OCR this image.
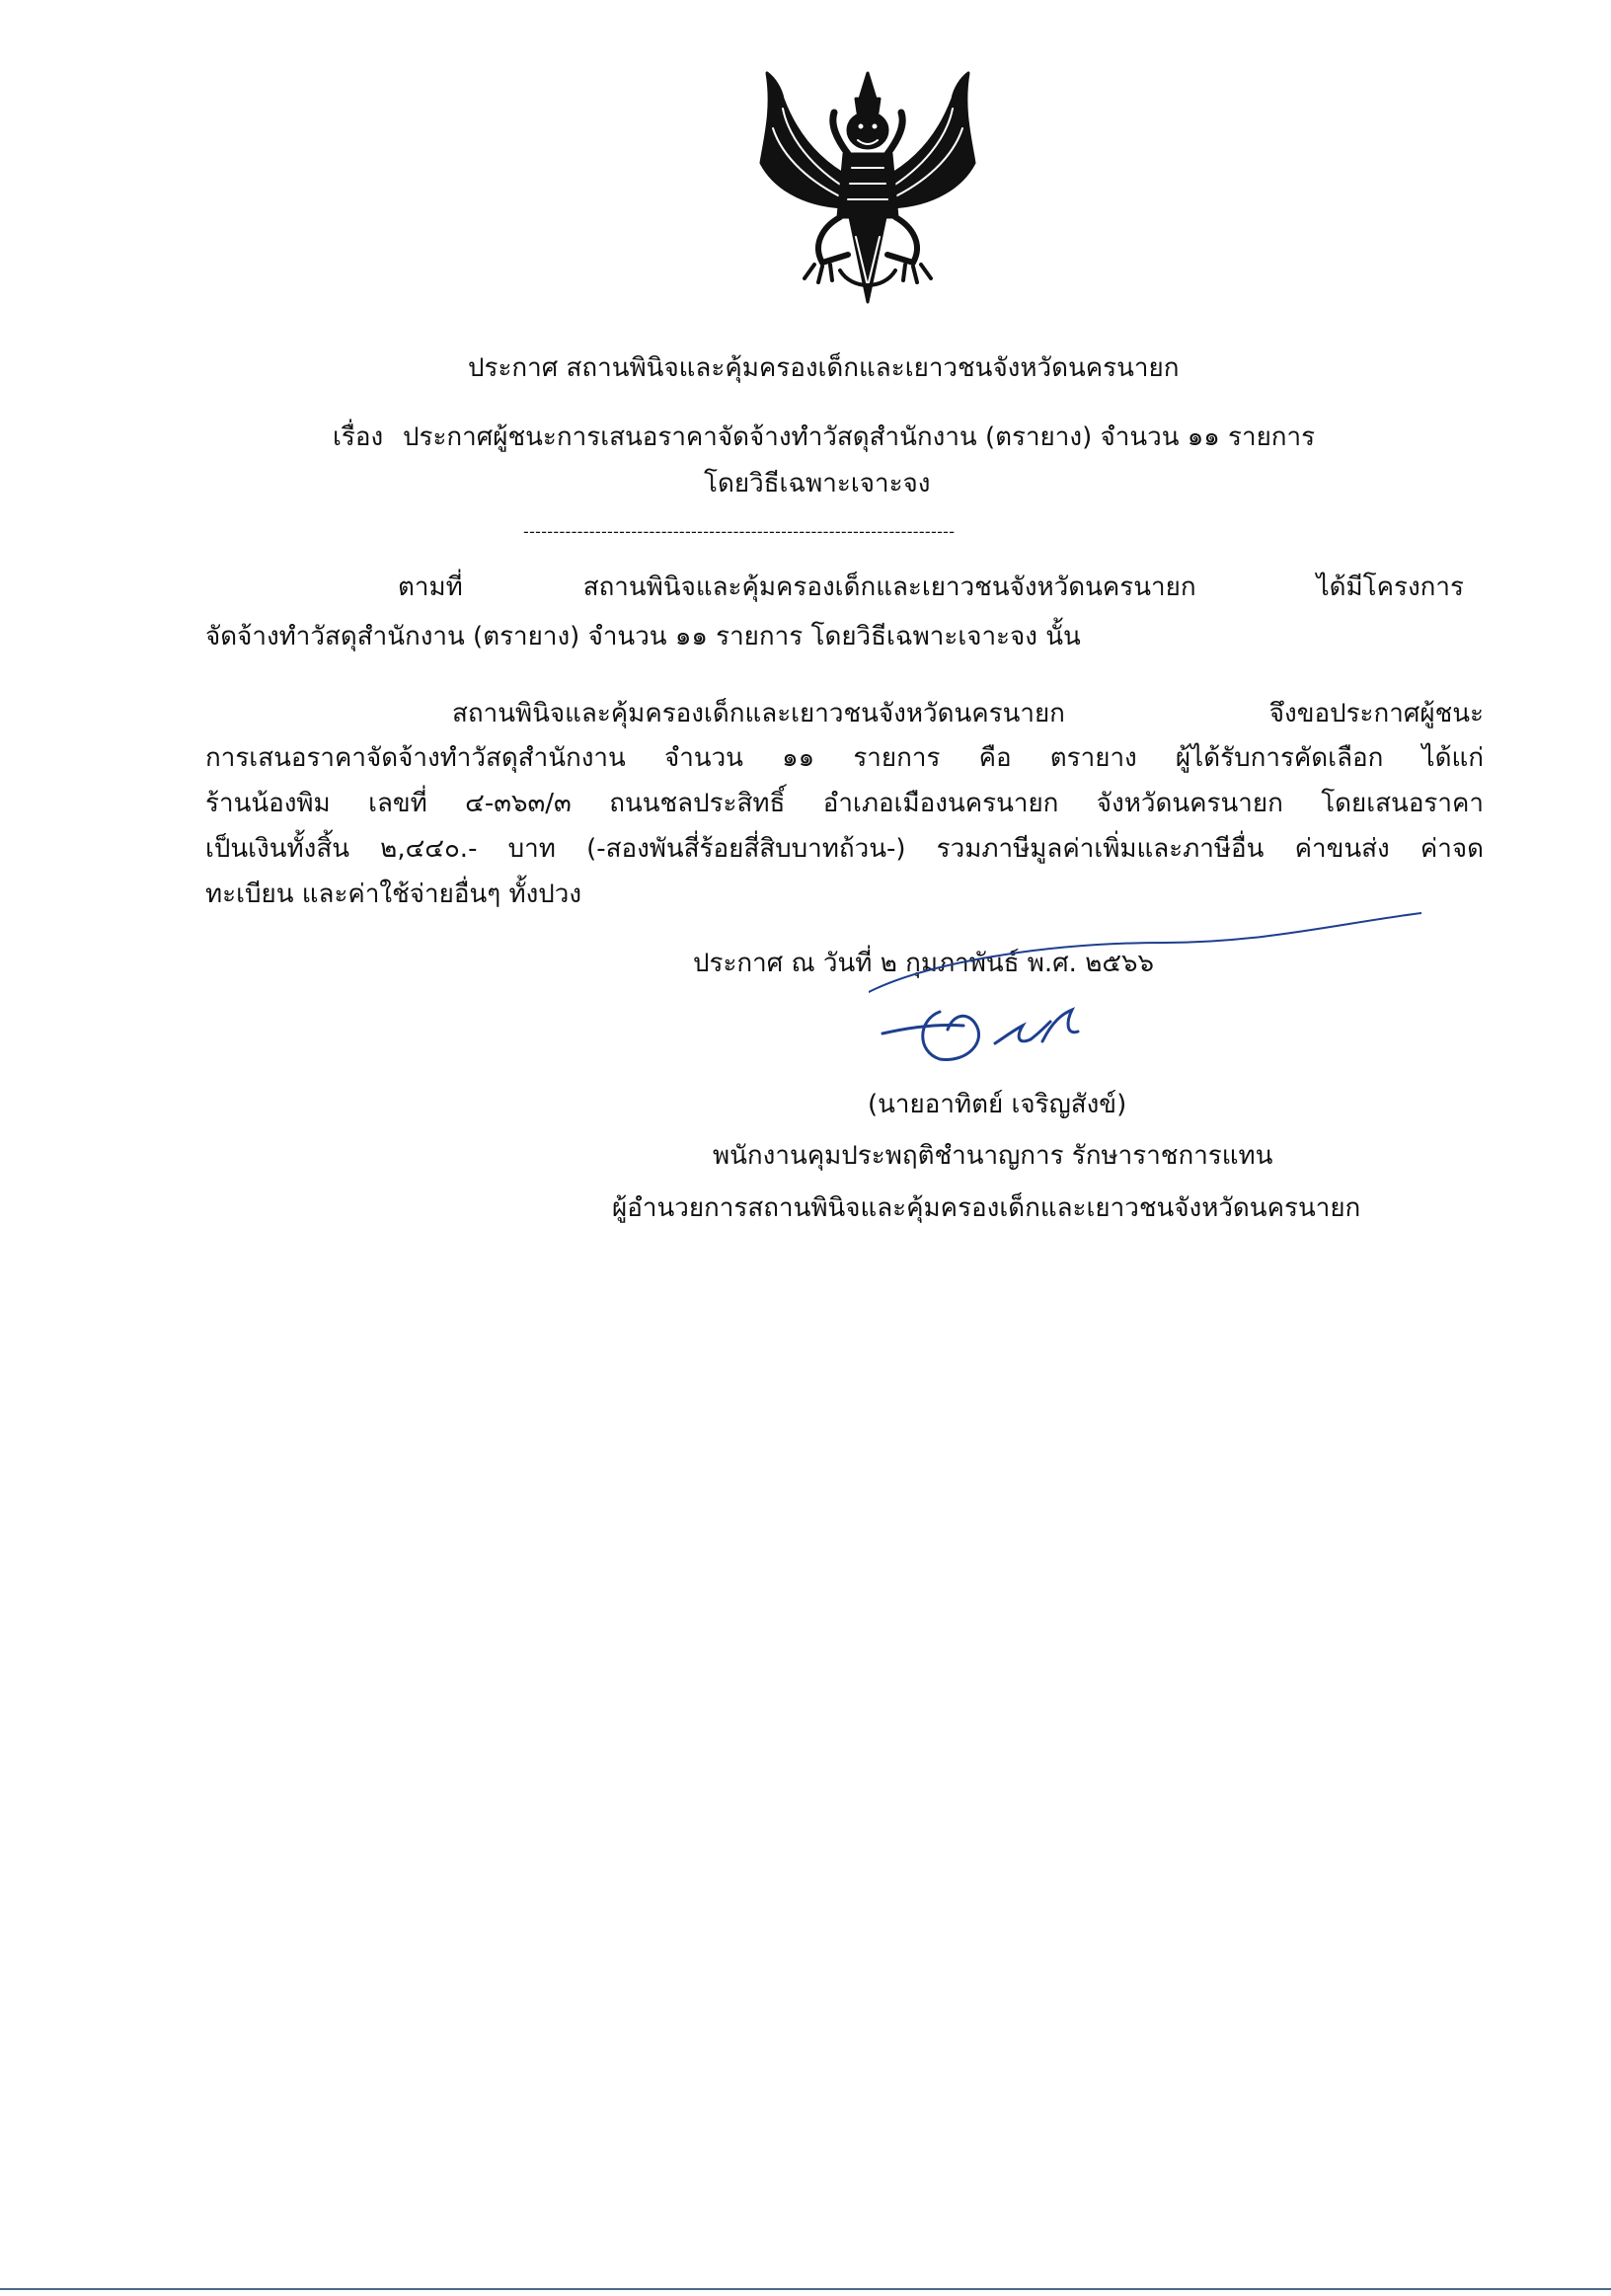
ประกาศ สถานพินิจและคุ้มครองเด็กและเยาวชนจังหวัดนครนายก
เรื่อง ประกาศผู้ชนะการเสนอราคาจัดจ้างทำวัสดุสำนักงาน (ตรายาง) จำนวน ๑๑ รายการ
โดยวิธีเฉพาะเจาะจง
------------------------------------------------------------------------
ตามที่ สถานพินิจและคุ้มครองเด็กและเยาวชนจังหวัดนครนายก ได้มีโครงการ
จัดจ้างทำวัสดุสำนักงาน (ตรายาง) จำนวน ๑๑ รายการ โดยวิธีเฉพาะเจาะจง นั้น
สถานพินิจและคุ้มครองเด็กและเยาวชนจังหวัดนครนายก จึงขอประกาศผู้ชนะ
การเสนอราคาจัดจ้างทำวัสดุสำนักงาน จำนวน ๑๑ รายการ คือ ตรายาง ผู้ได้รับการคัดเลือก ได้แก่
ร้านน้องพิม เลขที่ ๔-๓๖๓/๓ ถนนชลประสิทธิ์ อำเภอเมืองนครนายก จังหวัดนครนายก โดยเสนอราคา
เป็นเงินทั้งสิ้น ๒,๔๔๐.- บาท (-สองพันสี่ร้อยสี่สิบบาทถ้วน-) รวมภาษีมูลค่าเพิ่มและภาษีอื่น ค่าขนส่ง ค่าจด
ทะเบียน และค่าใช้จ่ายอื่นๆ ทั้งปวง
ประกาศ ณ วันที่ ๒ กุมภาพันธ์ พ.ศ. ๒๕๖๖
(นายอาทิตย์ เจริญสังข์)
พนักงานคุมประพฤติชำนาญการ รักษาราชการแทน
ผู้อำนวยการสถานพินิจและคุ้มครองเด็กและเยาวชนจังหวัดนครนายก
